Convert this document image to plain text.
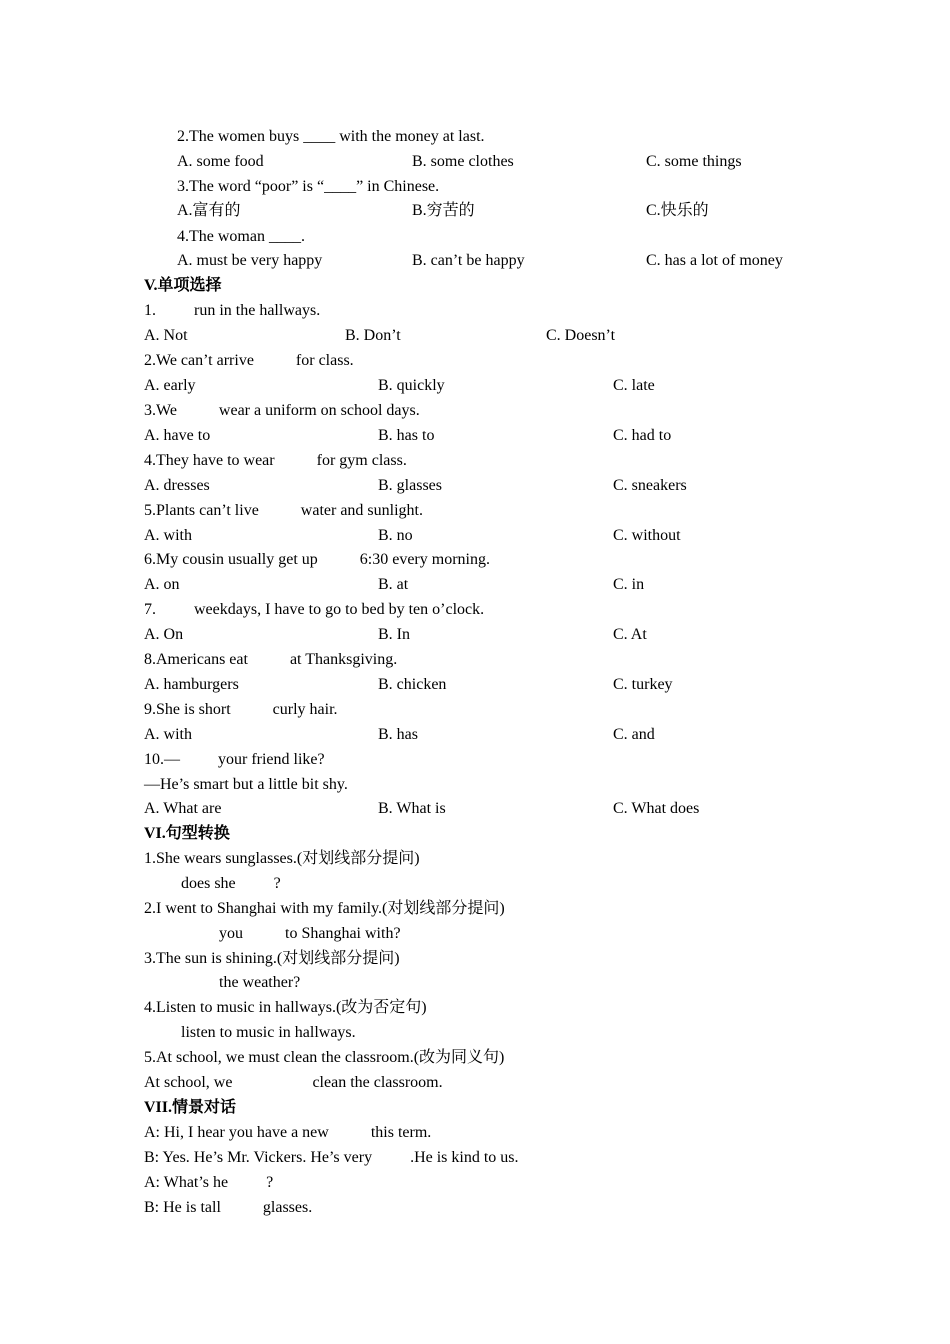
2.The women buys ____ with the money at last.
A. some food	B. some clothes	C. some things
3.The word “poor” is “____” in Chinese.
A.富有的	B.穷苦的	C.快乐的
4.The woman ____.
A. must be very happy	B. can’t be happy	C. has a lot of money
V.单项选择
1. run in the hallways.
A. Not	B. Don’t	C. Doesn’t
2.We can’t arrive	for class.
A. early	B. quickly	C. late
3.We	wear a uniform on school days.
A. have to	B. has to	C. had to
4.They have to wear	for gym class.
A. dresses	B. glasses	C. sneakers
5.Plants can’t live	water and sunlight.
A. with	B. no	C. without
6.My cousin usually get up	6:30 every morning.
A. on	B. at	C. in
7. weekdays, I have to go to bed by ten o’clock.
A. On	B. In	C. At
8.Americans eat	at Thanksgiving.
A. hamburgers	B. chicken	C. turkey
9.She is short	curly hair.
A. with	B. has	C. and
10.— your friend like?
—He’s smart but a little bit shy.
A. What are	B. What is	C. What does
VI.句型转换
1.She wears sunglasses.(对划线部分提问)
does she ?
2.I went to Shanghai with my family.(对划线部分提问)
you	to Shanghai with?
3.The sun is shining.(对划线部分提问)
the weather?
4.Listen to music in hallways.(改为否定句)
listen to music in hallways.
5.At school, we must clean the classroom.(改为同义句)
At school, we	clean the classroom.
VII.情景对话
A: Hi, I hear you have a new	this term.
B: Yes. He’s Mr. Vickers. He’s very .He is kind to us.
A: What’s he ?
B: He is tall	glasses.
